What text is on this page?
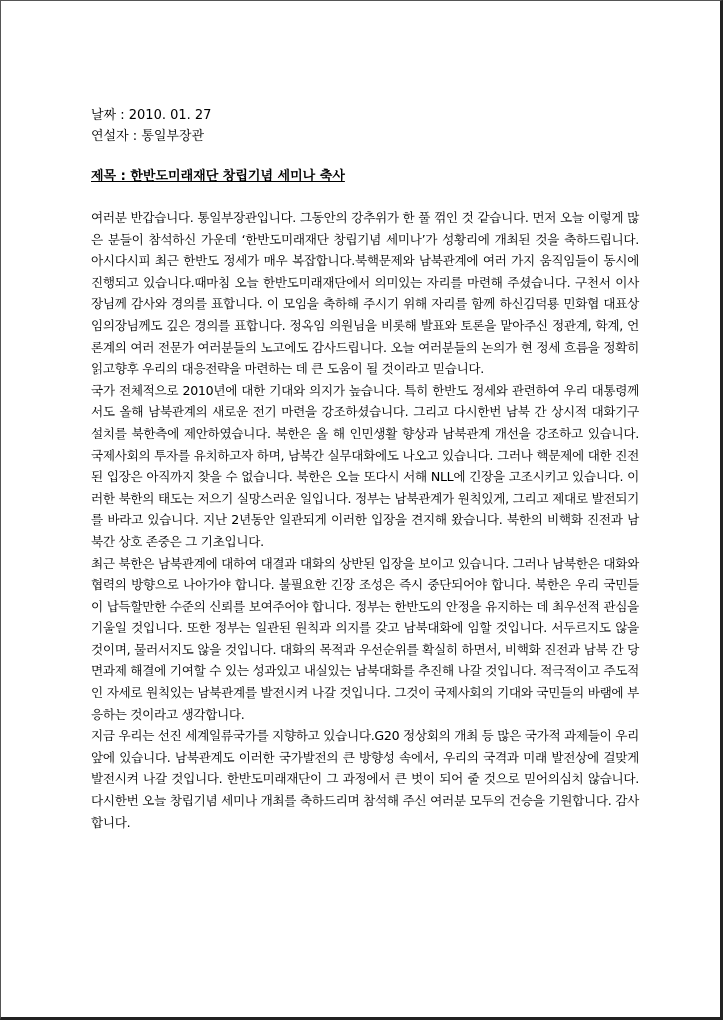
날짜 : 2010. 01. 27
연설자 : 통일부장관
제목 : 한반도미래재단 창립기념 세미나 축사

여러분 반갑습니다. 통일부장관입니다. 그동안의 강추위가 한 풀 꺾인 것 같습니다. 먼저 오늘 이렇게 많은 분들이 참석하신 가운데 ‘한반도미래재단 창립기념 세미나’가 성황리에 개최된 것을 축하드립니다. 아시다시피 최근 한반도 정세가 매우 복잡합니다.북핵문제와 남북관계에 여러 가지 움직임들이 동시에 진행되고 있습니다.때마침 오늘 한반도미래재단에서 의미있는 자리를 마련해 주셨습니다. 구천서 이사장님께 감사와 경의를 표합니다. 이 모임을 축하해 주시기 위해 자리를 함께 하신김덕룡 민화협 대표상임의장님께도 깊은 경의를 표합니다. 정옥임 의원님을 비롯해 발표와 토론을 맡아주신 정관계, 학계, 언론계의 여러 전문가 여러분들의 노고에도 감사드립니다. 오늘 여러분들의 논의가 현 정세 흐름을 정확히 읽고향후 우리의 대응전략을 마련하는 데 큰 도움이 될 것이라고 믿습니다.

국가 전체적으로 2010년에 대한 기대와 의지가 높습니다. 특히 한반도 정세와 관련하여 우리 대통령께서도 올해 남북관계의 새로운 전기 마련을 강조하셨습니다. 그리고 다시한번 남북 간 상시적 대화기구 설치를 북한측에 제안하였습니다. 북한은 올 해 인민생활 향상과 남북관계 개선을 강조하고 있습니다. 국제사회의 투자를 유치하고자 하며, 남북간 실무대화에도 나오고 있습니다. 그러나 핵문제에 대한 진전된 입장은 아직까지 찾을 수 없습니다. 북한은 오늘 또다시 서해 NLL에 긴장을 고조시키고 있습니다. 이러한 북한의 태도는 저으기 실망스러운 일입니다. 정부는 남북관계가 원칙있게, 그리고 제대로 발전되기를 바라고 있습니다. 지난 2년동안 일관되게 이러한 입장을 견지해 왔습니다. 북한의 비핵화 진전과 남북간 상호 존중은 그 기초입니다.

최근 북한은 남북관계에 대하여 대결과 대화의 상반된 입장을 보이고 있습니다. 그러나 남북한은 대화와 협력의 방향으로 나아가야 합니다. 불필요한 긴장 조성은 즉시 중단되어야 합니다. 북한은 우리 국민들이 납득할만한 수준의 신뢰를 보여주어야 합니다. 정부는 한반도의 안정을 유지하는 데 최우선적 관심을 기울일 것입니다. 또한 정부는 일관된 원칙과 의지를 갖고 남북대화에 임할 것입니다. 서두르지도 않을 것이며, 물러서지도 않을 것입니다. 대화의 목적과 우선순위를 확실히 하면서, 비핵화 진전과 남북 간 당면과제 해결에 기여할 수 있는 성과있고 내실있는 남북대화를 추진해 나갈 것입니다. 적극적이고 주도적인 자세로 원칙있는 남북관계를 발전시켜 나갈 것입니다. 그것이 국제사회의 기대와 국민들의 바램에 부응하는 것이라고 생각합니다.

지금 우리는 선진 세계일류국가를 지향하고 있습니다.G20 정상회의 개최 등 많은 국가적 과제들이 우리 앞에 있습니다. 남북관계도 이러한 국가발전의 큰 방향성 속에서, 우리의 국격과 미래 발전상에 걸맞게 발전시켜 나갈 것입니다. 한반도미래재단이 그 과정에서 큰 벗이 되어 줄 것으로 믿어의심치 않습니다. 다시한번 오늘 창립기념 세미나 개최를 축하드리며 참석해 주신 여러분 모두의 건승을 기원합니다. 감사합니다.
